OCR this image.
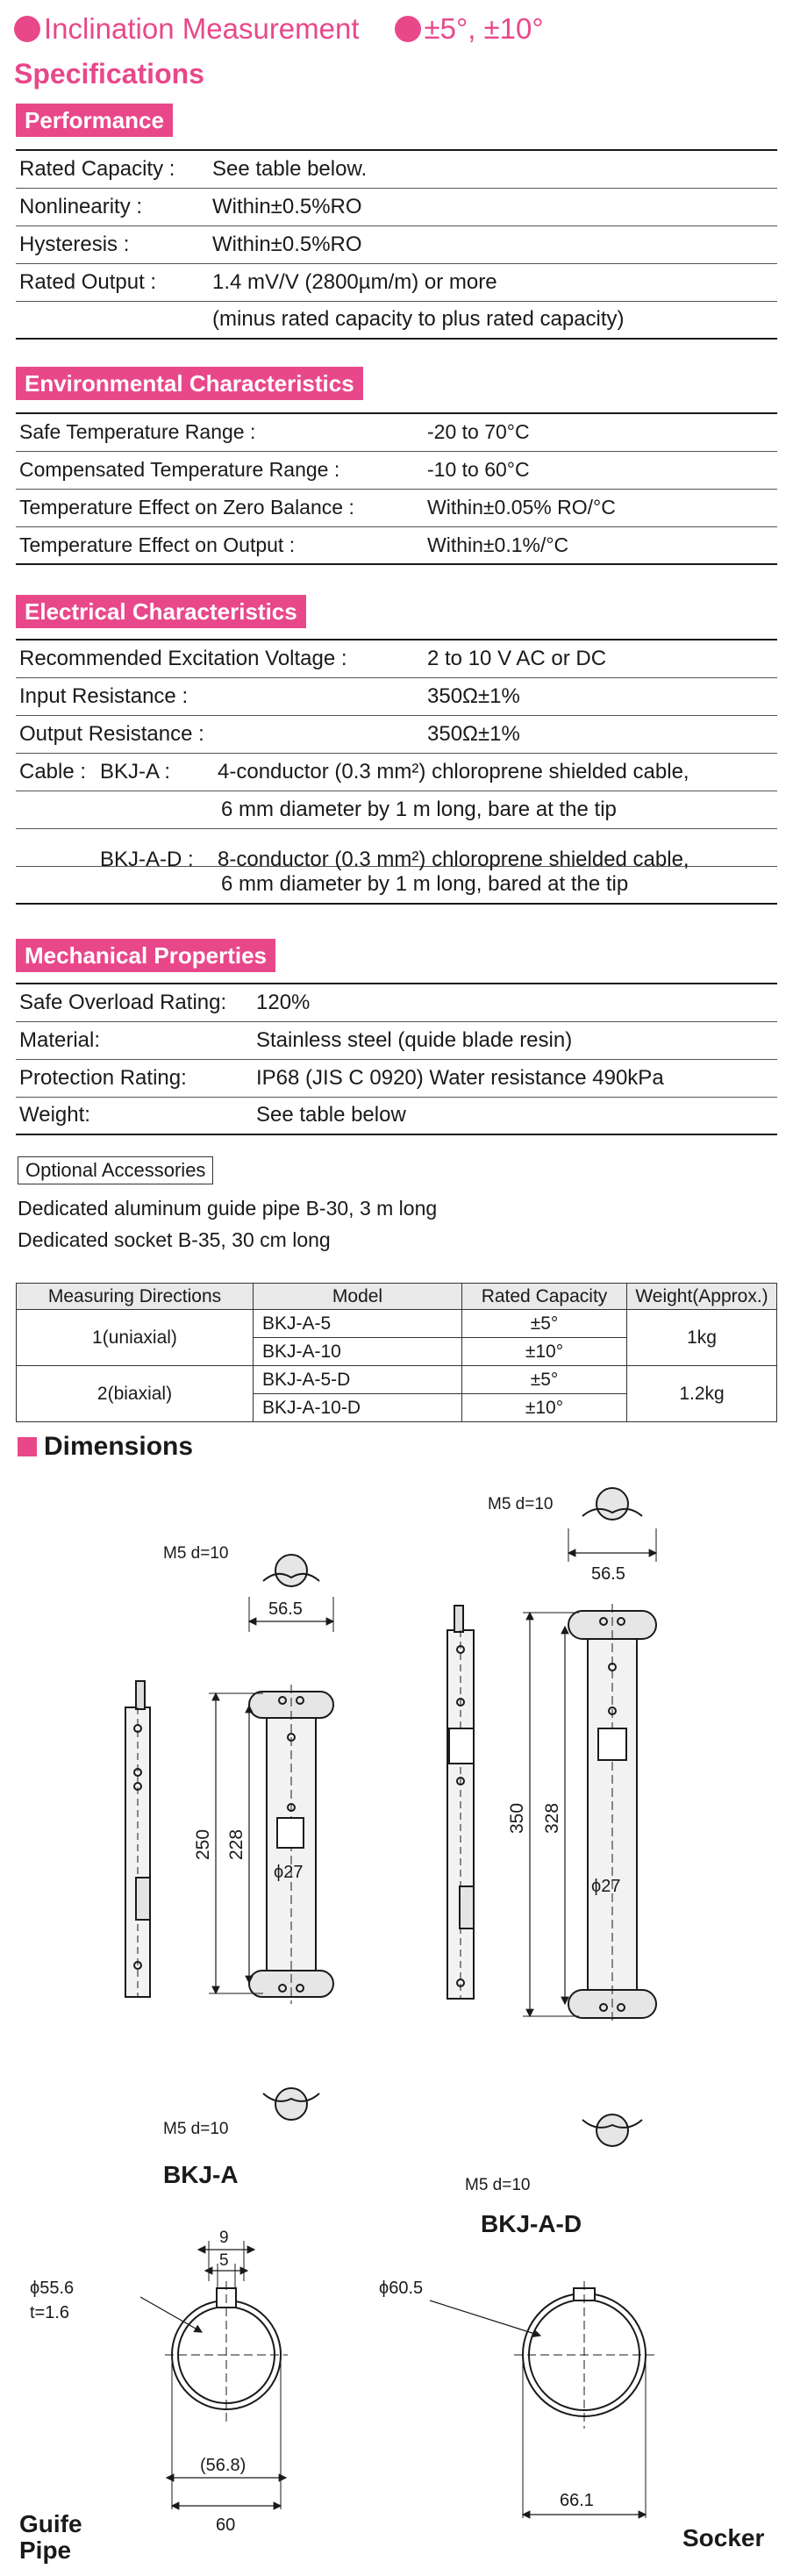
Inclination Measurement ±5°, ±10°
Specifications
Performance
Rated Capacity :	See table below.
Nonlinearity :	Within±0.5%RO
Hysteresis :	Within±0.5%RO
Rated Output :	1.4 mV/V (2800µm/m) or more
	(minus rated capacity to plus rated capacity)
Environmental Characteristics
Safe Temperature Range :	-20 to 70°C
Compensated Temperature Range :	-10 to 60°C
Temperature Effect on Zero Balance :	Within±0.05% RO/°C
Temperature Effect on Output :	Within±0.1%/°C
Electrical Characteristics
Recommended Excitation Voltage :	2 to 10 V AC or DC
Input Resistance :	350Ω±1%
Output Resistance :	350Ω±1%
Cable : BKJ-A : 4-conductor (0.3 mm²) chloroprene shielded cable,	

6 mm diameter by 1 m long, bare at the tip	

BKJ-A-D : 8-conductor (0.3 mm²) chloroprene shielded cable,	

6 mm diameter by 1 m long, bared at the tip	
Mechanical Properties
Safe Overload Rating:	120%
Material:	Stainless steel (quide blade resin)
Protection Rating:	IP68 (JIS C 0920) Water resistance 490kPa
Weight:	See table below
Optional Accessories
Dedicated aluminum guide pipe B-30, 3 m long
Dedicated socket B-35, 30 cm long
Measuring Directions	Model	Rated Capacity	Weight(Approx.)
1(uniaxial)	BKJ-A-5	±5°	1kg
	BKJ-A-10	±10°	
2(biaxial)	BKJ-A-5-D	±5°	1.2kg
	BKJ-A-10-D	±10°	
Dimensions
M5 d=10
56.5
250 228
ϕ27
M5 d=10
BKJ-A
M5 d=10
56.5
350 328
ϕ27
M5 d=10
BKJ-A-D
9
5
ϕ55.6
t=1.6
(56.8)
60
Guife
Pipe
ϕ60.5
66.1
Socker
